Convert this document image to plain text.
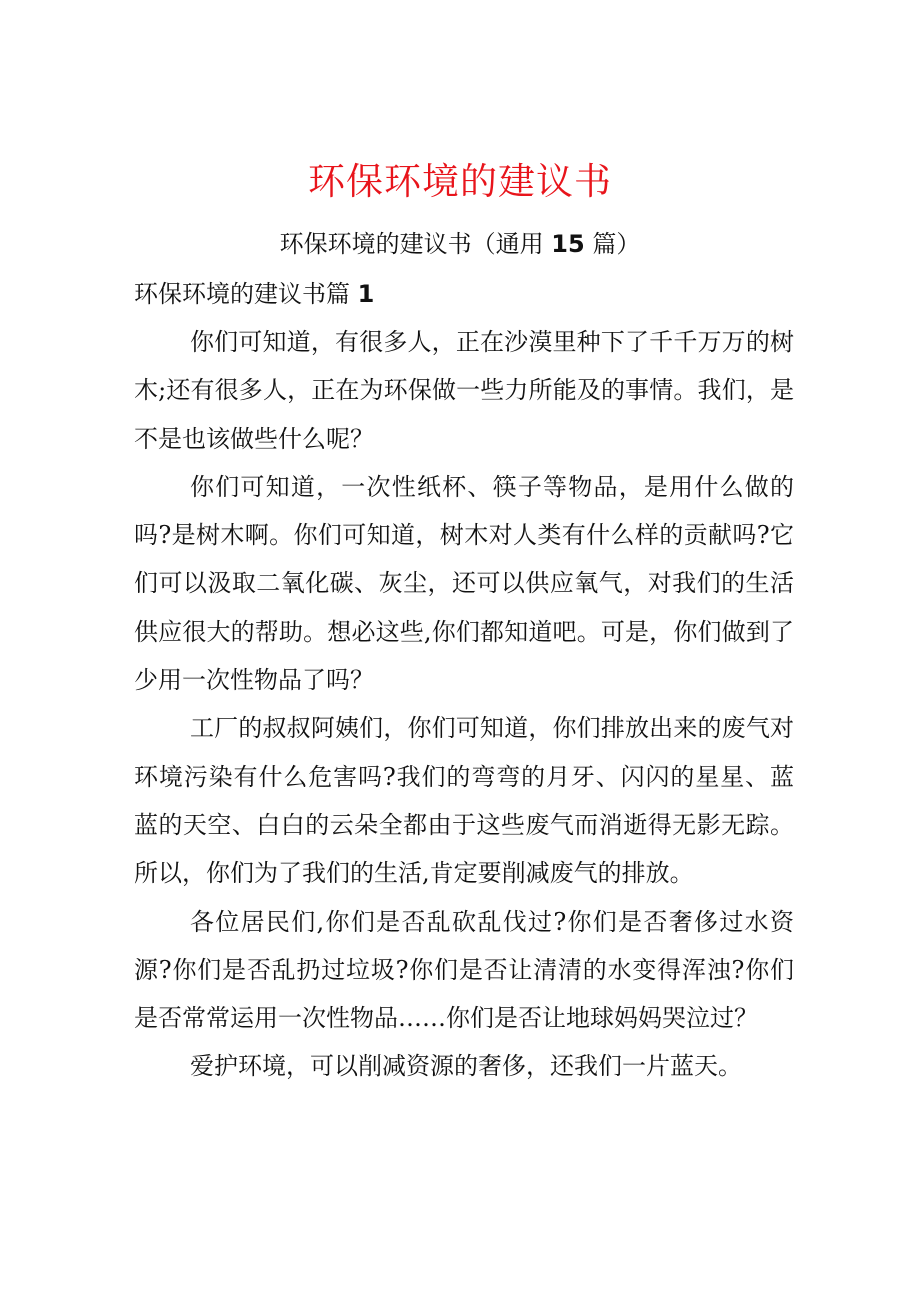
环保环境的建议书
环保环境的建议书（通用 15 篇）
环保环境的建议书篇 1

你们可知道，有很多人，正在沙漠里种下了千千万万的树木;还有很多人，正在为环保做一些力所能及的事情。我们，是不是也该做些什么呢？

你们可知道，一次性纸杯、筷子等物品，是用什么做的吗?是树木啊。你们可知道，树木对人类有什么样的贡献吗?它们可以汲取二氧化碳、灰尘，还可以供应氧气，对我们的生活供应很大的帮助。想必这些,你们都知道吧。可是，你们做到了少用一次性物品了吗？

工厂的叔叔阿姨们，你们可知道，你们排放出来的废气对环境污染有什么危害吗?我们的弯弯的月牙、闪闪的星星、蓝蓝的天空、白白的云朵全都由于这些废气而消逝得无影无踪。所以，你们为了我们的生活,肯定要削减废气的排放。

各位居民们,你们是否乱砍乱伐过?你们是否奢侈过水资源?你们是否乱扔过垃圾?你们是否让清清的水变得浑浊?你们是否常常运用一次性物品……你们是否让地球妈妈哭泣过？

爱护环境，可以削减资源的奢侈，还我们一片蓝天。
